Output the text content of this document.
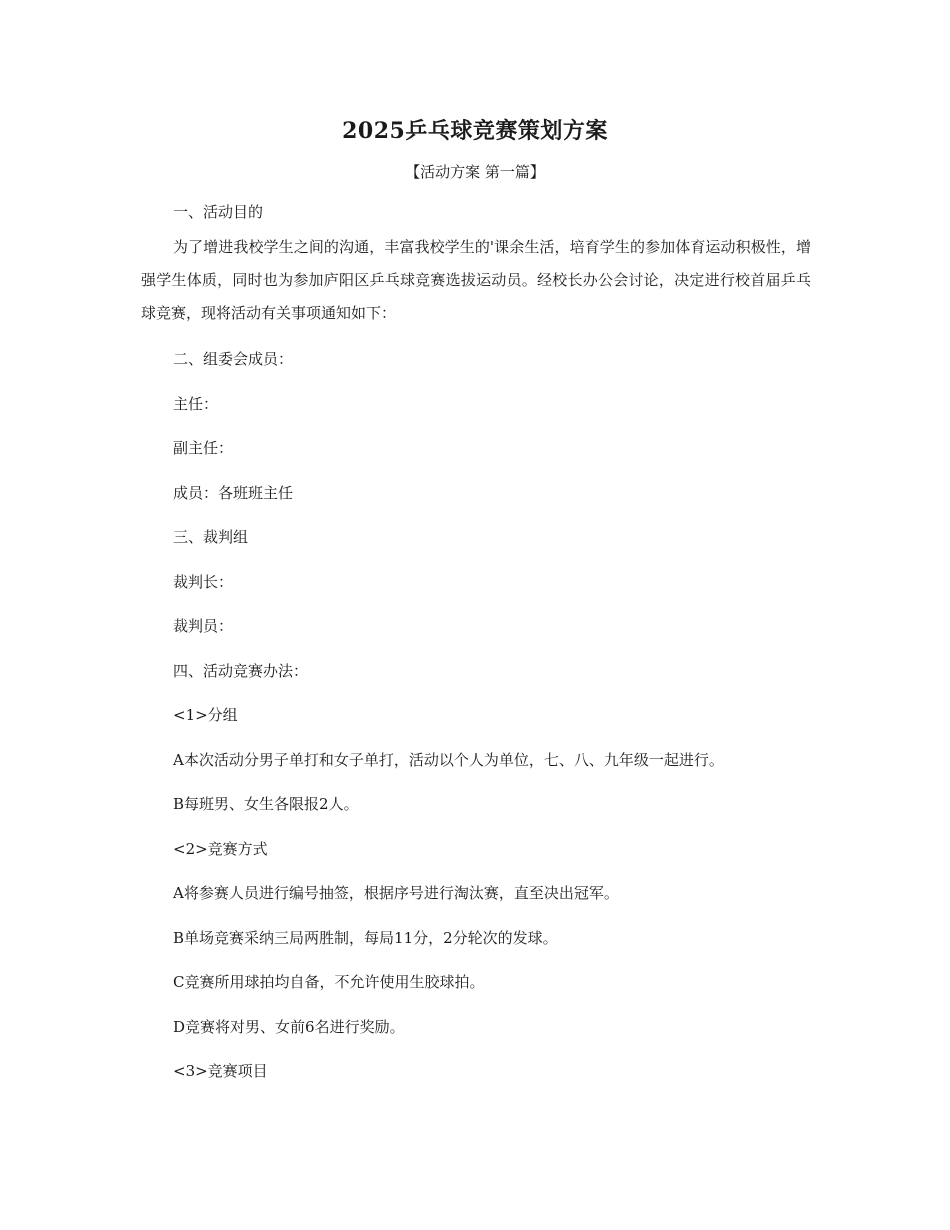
2025乒乓球竞赛策划方案
【活动方案 第一篇】
一、活动目的
为了增进我校学生之间的沟通，丰富我校学生的'课余生活，培育学生的参加体育运动积极性，增强学生体质，同时也为参加庐阳区乒乓球竞赛选拔运动员。经校长办公会讨论，决定进行校首届乒乓球竞赛，现将活动有关事项通知如下：
二、组委会成员：
主任：
副主任：
成员：各班班主任
三、裁判组
裁判长：
裁判员：
四、活动竞赛办法：
<1>分组
A本次活动分男子单打和女子单打，活动以个人为单位，七、八、九年级一起进行。
B每班男、女生各限报2人。
<2>竞赛方式
A将参赛人员进行编号抽签，根据序号进行淘汰赛，直至决出冠军。
B单场竞赛采纳三局两胜制，每局11分，2分轮次的发球。
C竞赛所用球拍均自备，不允许使用生胶球拍。
D竞赛将对男、女前6名进行奖励。
<3>竞赛项目
